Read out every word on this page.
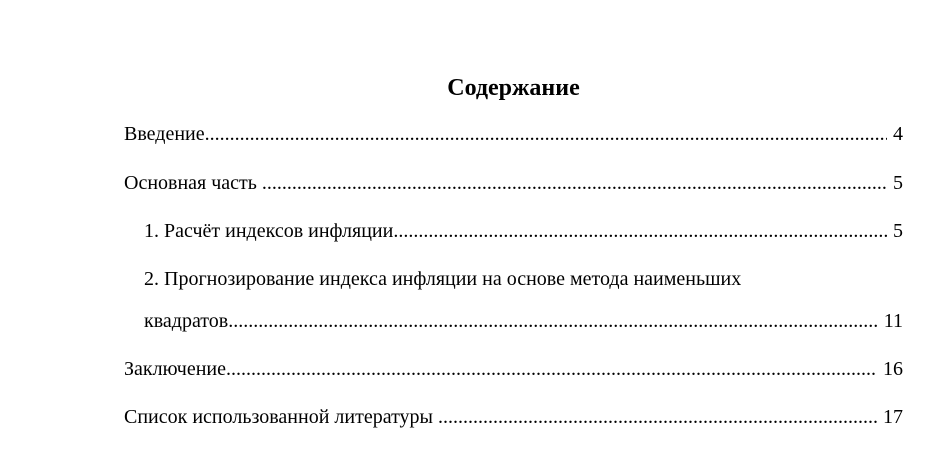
Содержание
Введение .....	4
Основная часть .....	5
1. Расчёт индексов инфляции .....	5
2. Прогнозирование индекса инфляции на основе метода наименьших
квадратов .....	11
Заключение .....	16
Список использованной литературы .....	17
